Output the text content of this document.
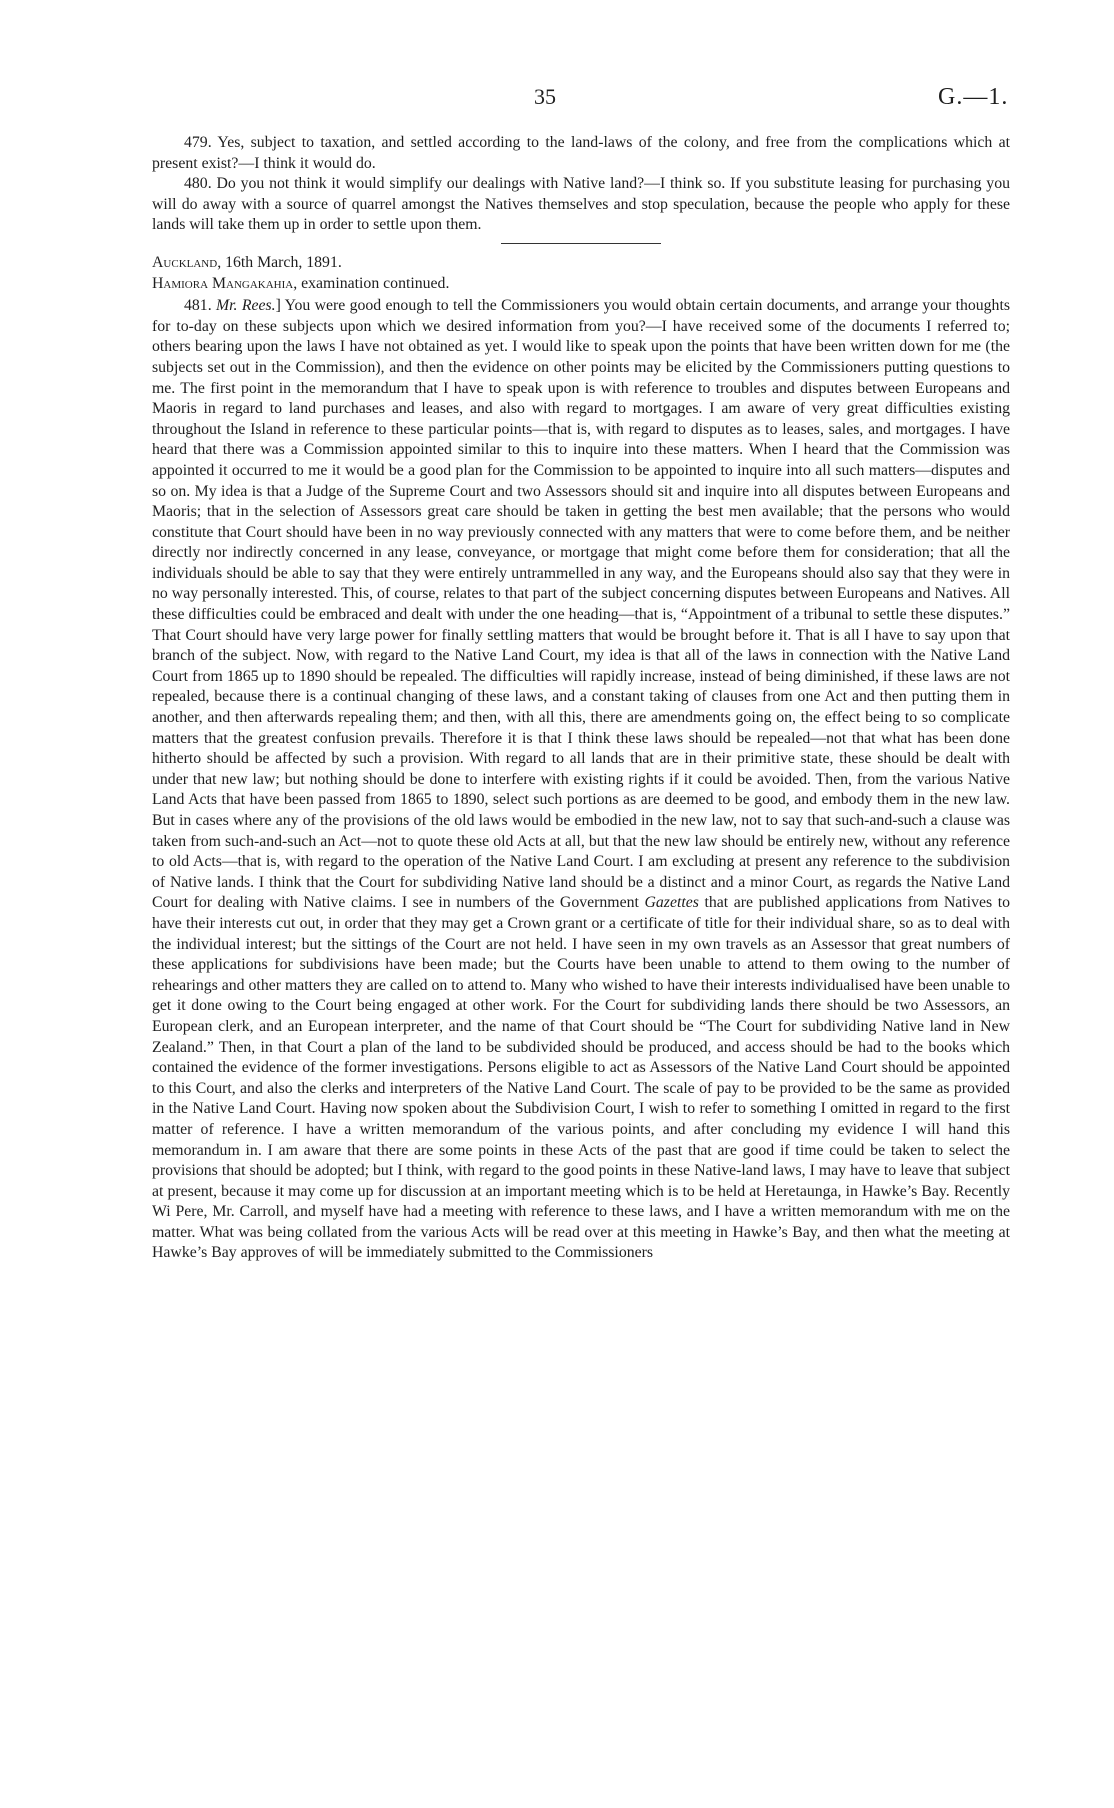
35	G.—1.

479. Yes, subject to taxation, and settled according to the land-laws of the colony, and free from the complications which at present exist?—I think it would do.

480. Do you not think it would simplify our dealings with Native land?—I think so. If you substitute leasing for purchasing you will do away with a source of quarrel amongst the Natives themselves and stop speculation, because the people who apply for these lands will take them up in order to settle upon them.

Auckland, 16th March, 1891.

Hamiora Mangakahia, examination continued.

481. Mr. Rees.] You were good enough to tell the Commissioners you would obtain certain documents, and arrange your thoughts for to-day on these subjects upon which we desired information from you?—I have received some of the documents I referred to; others bearing upon the laws I have not obtained as yet. I would like to speak upon the points that have been written down for me (the subjects set out in the Commission), and then the evidence on other points may be elicited by the Commissioners putting questions to me. The first point in the memorandum that I have to speak upon is with reference to troubles and disputes between Europeans and Maoris in regard to land purchases and leases, and also with regard to mortgages. I am aware of very great difficulties existing throughout the Island in reference to these particular points—that is, with regard to disputes as to leases, sales, and mortgages. I have heard that there was a Commission appointed similar to this to inquire into these matters. When I heard that the Commission was appointed it occurred to me it would be a good plan for the Commission to be appointed to inquire into all such matters—disputes and so on. My idea is that a Judge of the Supreme Court and two Assessors should sit and inquire into all disputes between Europeans and Maoris; that in the selection of Assessors great care should be taken in getting the best men available; that the persons who would constitute that Court should have been in no way previously connected with any matters that were to come before them, and be neither directly nor indirectly concerned in any lease, conveyance, or mortgage that might come before them for consideration; that all the individuals should be able to say that they were entirely untrammelled in any way, and the Europeans should also say that they were in no way personally interested. This, of course, relates to that part of the subject concerning disputes between Europeans and Natives. All these difficulties could be embraced and dealt with under the one heading—that is, “Appointment of a tribunal to settle these disputes.” That Court should have very large power for finally settling matters that would be brought before it. That is all I have to say upon that branch of the subject. Now, with regard to the Native Land Court, my idea is that all of the laws in connection with the Native Land Court from 1865 up to 1890 should be repealed. The difficulties will rapidly increase, instead of being diminished, if these laws are not repealed, because there is a continual changing of these laws, and a constant taking of clauses from one Act and then putting them in another, and then afterwards repealing them; and then, with all this, there are amendments going on, the effect being to so complicate matters that the greatest confusion prevails. Therefore it is that I think these laws should be repealed—not that what has been done hitherto should be affected by such a provision. With regard to all lands that are in their primitive state, these should be dealt with under that new law; but nothing should be done to interfere with existing rights if it could be avoided. Then, from the various Native Land Acts that have been passed from 1865 to 1890, select such portions as are deemed to be good, and embody them in the new law. But in cases where any of the provisions of the old laws would be embodied in the new law, not to say that such-and-such a clause was taken from such-and-such an Act—not to quote these old Acts at all, but that the new law should be entirely new, without any reference to old Acts—that is, with regard to the operation of the Native Land Court. I am excluding at present any reference to the subdivision of Native lands. I think that the Court for subdividing Native land should be a distinct and a minor Court, as regards the Native Land Court for dealing with Native claims. I see in numbers of the Government Gazettes that are published applications from Natives to have their interests cut out, in order that they may get a Crown grant or a certificate of title for their individual share, so as to deal with the individual interest; but the sittings of the Court are not held. I have seen in my own travels as an Assessor that great numbers of these applications for subdivisions have been made; but the Courts have been unable to attend to them owing to the number of rehearings and other matters they are called on to attend to. Many who wished to have their interests individualised have been unable to get it done owing to the Court being engaged at other work. For the Court for subdividing lands there should be two Assessors, an European clerk, and an European interpreter, and the name of that Court should be “The Court for subdividing Native land in New Zealand.” Then, in that Court a plan of the land to be subdivided should be produced, and access should be had to the books which contained the evidence of the former investigations. Persons eligible to act as Assessors of the Native Land Court should be appointed to this Court, and also the clerks and interpreters of the Native Land Court. The scale of pay to be provided to be the same as provided in the Native Land Court. Having now spoken about the Subdivision Court, I wish to refer to something I omitted in regard to the first matter of reference. I have a written memorandum of the various points, and after concluding my evidence I will hand this memorandum in. I am aware that there are some points in these Acts of the past that are good if time could be taken to select the provisions that should be adopted; but I think, with regard to the good points in these Native-land laws, I may have to leave that subject at present, because it may come up for discussion at an important meeting which is to be held at Heretaunga, in Hawke’s Bay. Recently Wi Pere, Mr. Carroll, and myself have had a meeting with reference to these laws, and I have a written memorandum with me on the matter. What was being collated from the various Acts will be read over at this meeting in Hawke’s Bay, and then what the meeting at Hawke’s Bay approves of will be immediately submitted to the Commissioners
